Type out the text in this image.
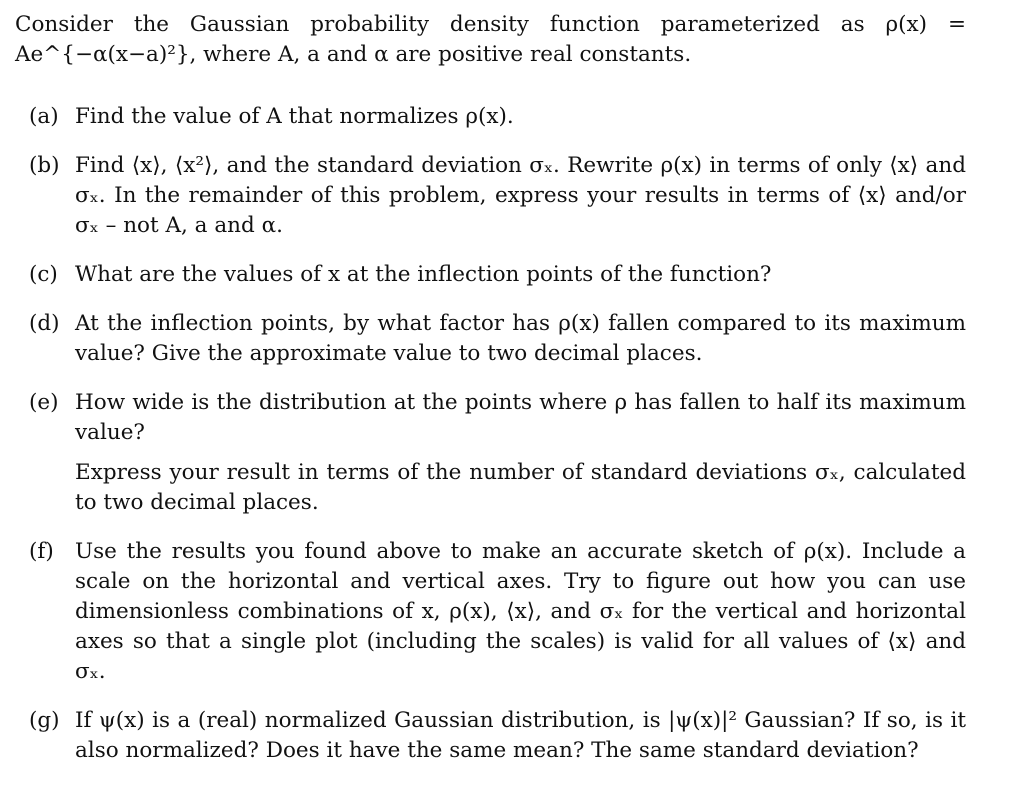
Consider the Gaussian probability density function parameterized as ρ(x) = Ae^{−α(x−a)²}, where A, a and α are positive real constants.

(a) Find the value of A that normalizes ρ(x).

(b) Find ⟨x⟩, ⟨x²⟩, and the standard deviation σₓ. Rewrite ρ(x) in terms of only ⟨x⟩ and σₓ. In the remainder of this problem, express your results in terms of ⟨x⟩ and/or σₓ – not A, a and α.

(c) What are the values of x at the inflection points of the function?

(d) At the inflection points, by what factor has ρ(x) fallen compared to its maximum value? Give the approximate value to two decimal places.

(e) How wide is the distribution at the points where ρ has fallen to half its maximum value?

Express your result in terms of the number of standard deviations σₓ, calculated to two decimal places.

(f) Use the results you found above to make an accurate sketch of ρ(x). Include a scale on the horizontal and vertical axes. Try to figure out how you can use dimensionless combinations of x, ρ(x), ⟨x⟩, and σₓ for the vertical and horizontal axes so that a single plot (including the scales) is valid for all values of ⟨x⟩ and σₓ.

(g) If ψ(x) is a (real) normalized Gaussian distribution, is |ψ(x)|² Gaussian? If so, is it also normalized? Does it have the same mean? The same standard deviation?
